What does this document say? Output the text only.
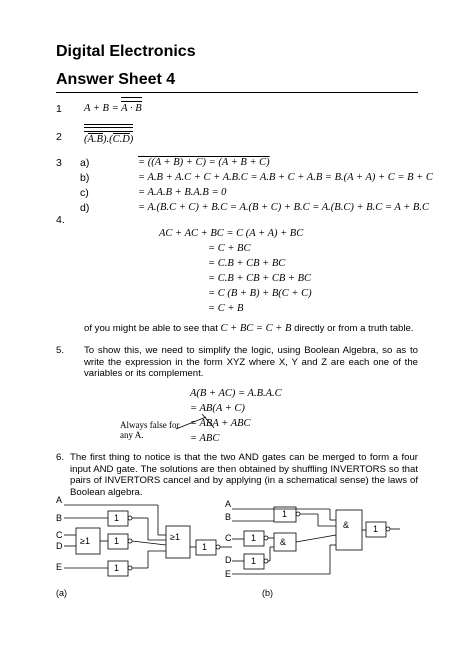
Digital Electronics
Answer Sheet 4
1 A + B = A · B
2 (A.B).(C.D)
3 a)	= ((A + B) + C) = (A + B + C)
b)	= A.B + A.C + C + A.B.C = A.B + C + A.B = B.(A + A) + C = B + C
c)	= A.A.B + B.A.B = 0
d)	= A.(B.C + C) + B.C = A.(B + C) + B.C = A.(B.C) + B.C = A + B.C
4.
AC + AC + BC = C (A + A) + BC
= C + BC
= C.B + CB + BC
= C.B + CB + CB + BC
= C (B + B) + B(C + C)
= C + B
of you might be able to see that C + BC = C + B directly or from a truth table.
5. To show this, we need to simplify the logic, using Boolean Algebra, so as to write the expression in the form XYZ where X, Y and Z are each one of the variables or its complement.
A(B + AC) = A.B.A.C
= AB(A + C)
= ABA + ABC
= ABC
Always false for any A.
6. The first thing to notice is that the two AND gates can be merged to form a four input AND gate. The solutions are then obtained by shuffling INVERTORS so that pairs of INVERTORS cancel and by applying (in a schematical sense) the laws of Boolean algebra.
A
B
C
D
E
1
≥1	1	≥1
1
1
(a)
A
B
C
D
E
1
1	&
1
&	1
(b)
